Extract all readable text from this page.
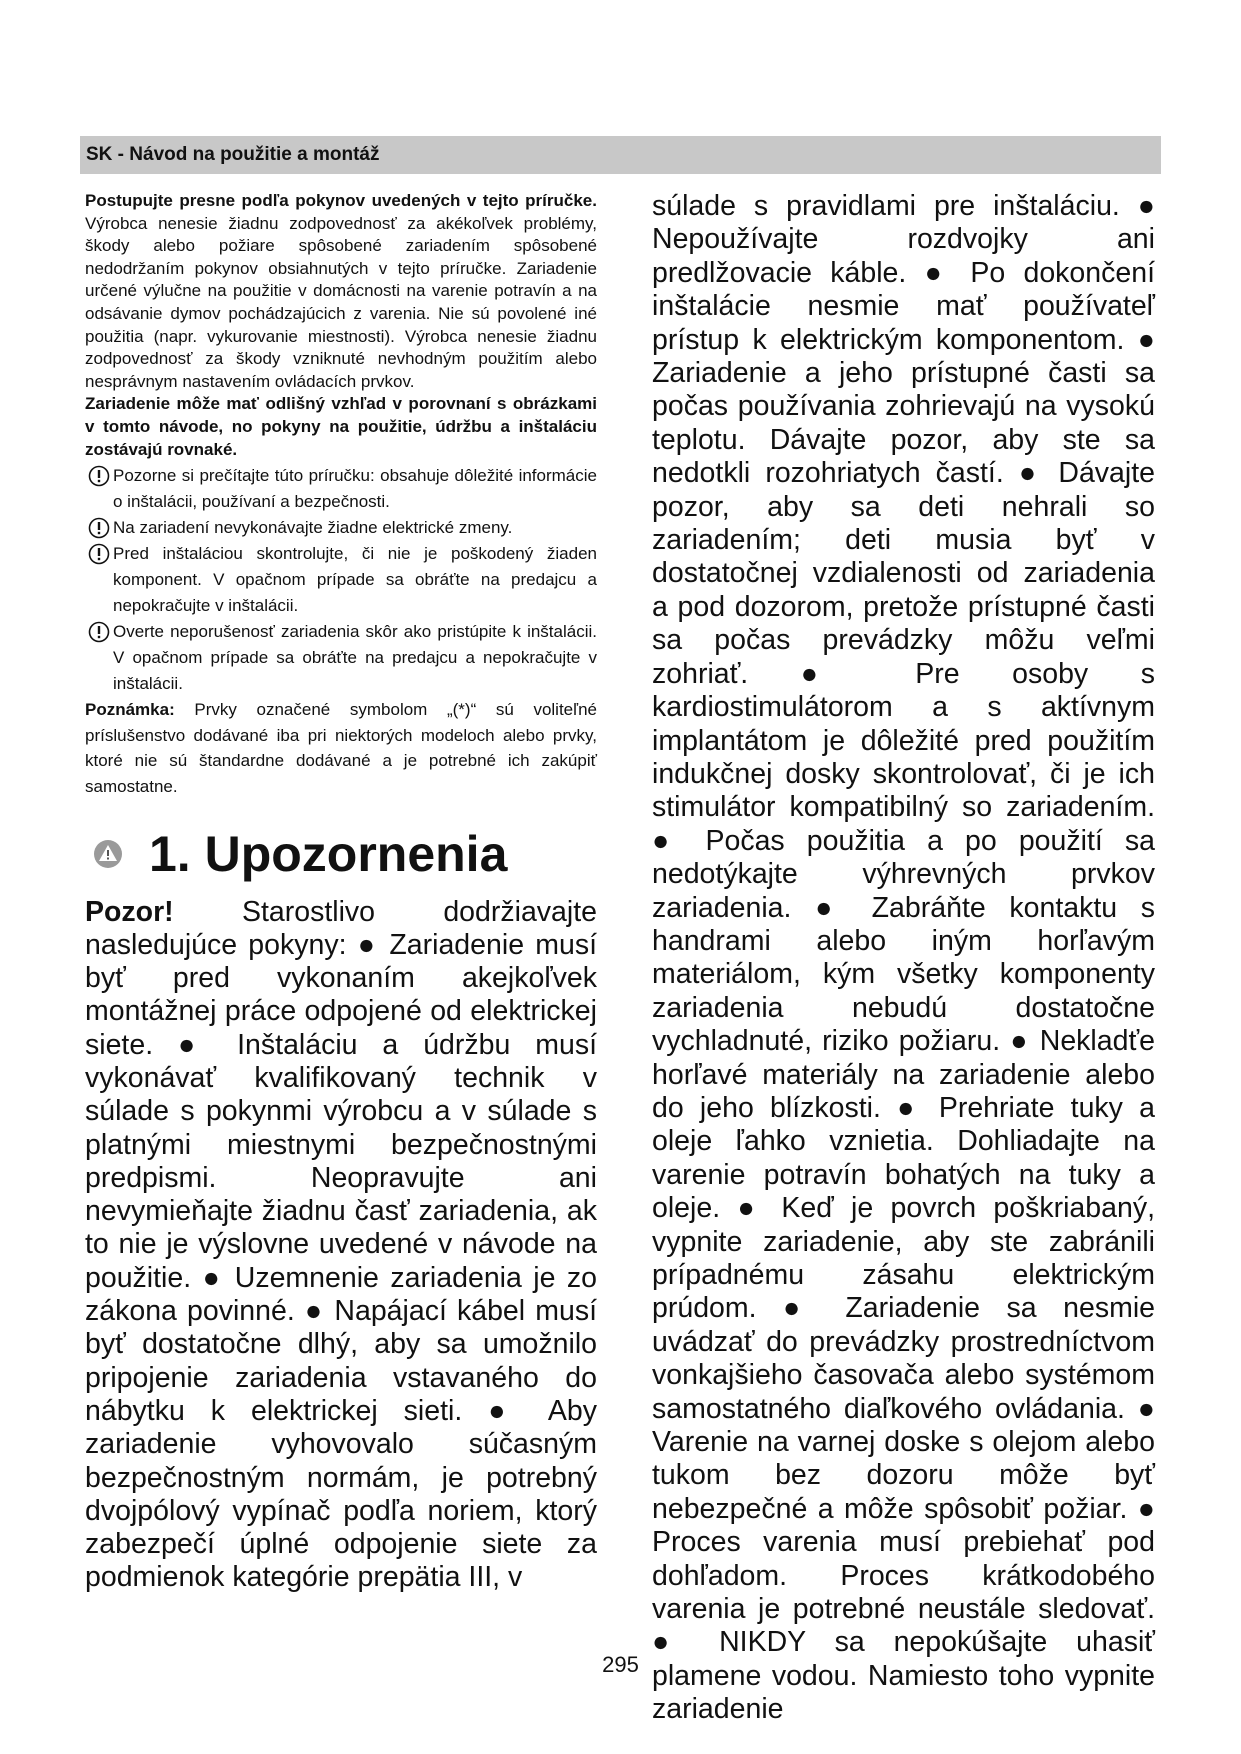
SK - Návod na použitie a montáž

Postupujte presne podľa pokynov uvedených v tejto príručke. Výrobca nenesie žiadnu zodpovednosť za akékoľvek problémy, škody alebo požiare spôsobené zariadením spôsobené nedodržaním pokynov obsiahnutých v tejto príručke. Zariadenie určené výlučne na použitie v domácnosti na varenie potravín a na odsávanie dymov pochádzajúcich z varenia. Nie sú povolené iné použitia (napr. vykurovanie miestnosti). Výrobca nenesie žiadnu zodpovednosť za škody vzniknuté nevhodným použitím alebo nesprávnym nastavením ovládacích prvkov.

Zariadenie môže mať odlišný vzhľad v porovnaní s obrázkami v tomto návode, no pokyny na použitie, údržbu a inštaláciu zostávajú rovnaké.

Pozorne si prečítajte túto príručku: obsahuje dôležité informácie o inštalácii, používaní a bezpečnosti.
Na zariadení nevykonávajte žiadne elektrické zmeny.
Pred inštaláciou skontrolujte, či nie je poškodený žiaden komponent. V opačnom prípade sa obráťte na predajcu a nepokračujte v inštalácii.
Overte neporušenosť zariadenia skôr ako pristúpite k inštalácii. V opačnom prípade sa obráťte na predajcu a nepokračujte v inštalácii.

Poznámka: Prvky označené symbolom „(*)“ sú voliteľné príslušenstvo dodávané iba pri niektorých modeloch alebo prvky, ktoré nie sú štandardne dodávané a je potrebné ich zakúpiť samostatne.

1. Upozornenia

Pozor! Starostlivo dodržiavajte nasledujúce pokyny: ● Zariadenie musí byť pred vykonaním akejkoľvek montážnej práce odpojené od elektrickej siete. ● Inštaláciu a údržbu musí vykonávať kvalifikovaný technik v súlade s pokynmi výrobcu a v súlade s platnými miestnymi bezpečnostnými predpismi. Neopravujte ani nevymieňajte žiadnu časť zariadenia, ak to nie je výslovne uvedené v návode na použitie. ● Uzemnenie zariadenia je zo zákona povinné. ● Napájací kábel musí byť dostatočne dlhý, aby sa umožnilo pripojenie zariadenia vstavaného do nábytku k elektrickej sieti. ● Aby zariadenie vyhovovalo súčasným bezpečnostným normám, je potrebný dvojpólový vypínač podľa noriem, ktorý zabezpečí úplné odpojenie siete za podmienok kategórie prepätia III, v

súlade s pravidlami pre inštaláciu. ● Nepoužívajte rozdvojky ani predlžovacie káble. ● Po dokončení inštalácie nesmie mať používateľ prístup k elektrickým komponentom. ● Zariadenie a jeho prístupné časti sa počas používania zohrievajú na vysokú teplotu. Dávajte pozor, aby ste sa nedotkli rozohriatych častí. ● Dávajte pozor, aby sa deti nehrali so zariadením; deti musia byť v dostatočnej vzdialenosti od zariadenia a pod dozorom, pretože prístupné časti sa počas prevádzky môžu veľmi zohriať. ● Pre osoby s kardiostimulátorom a s aktívnym implantátom je dôležité pred použitím indukčnej dosky skontrolovať, či je ich stimulátor kompatibilný so zariadením. ● Počas použitia a po použití sa nedotýkajte výhrevných prvkov zariadenia. ● Zabráňte kontaktu s handrami alebo iným horľavým materiálom, kým všetky komponenty zariadenia nebudú dostatočne vychladnuté, riziko požiaru. ● Nekladťe horľavé materiály na zariadenie alebo do jeho blízkosti. ● Prehriate tuky a oleje ľahko vznietia. Dohliadajte na varenie potravín bohatých na tuky a oleje. ● Keď je povrch poškriabaný, vypnite zariadenie, aby ste zabránili prípadnému zásahu elektrickým prúdom. ● Zariadenie sa nesmie uvádzať do prevádzky prostredníctvom vonkajšieho časovača alebo systémom samostatného diaľkového ovládania. ● Varenie na varnej doske s olejom alebo tukom bez dozoru môže byť nebezpečné a môže spôsobiť požiar. ● Proces varenia musí prebiehať pod dohľadom. Proces krátkodobého varenia je potrebné neustále sledovať. ● NIKDY sa nepokúšajte uhasiť plamene vodou. Namiesto toho vypnite zariadenie

295
